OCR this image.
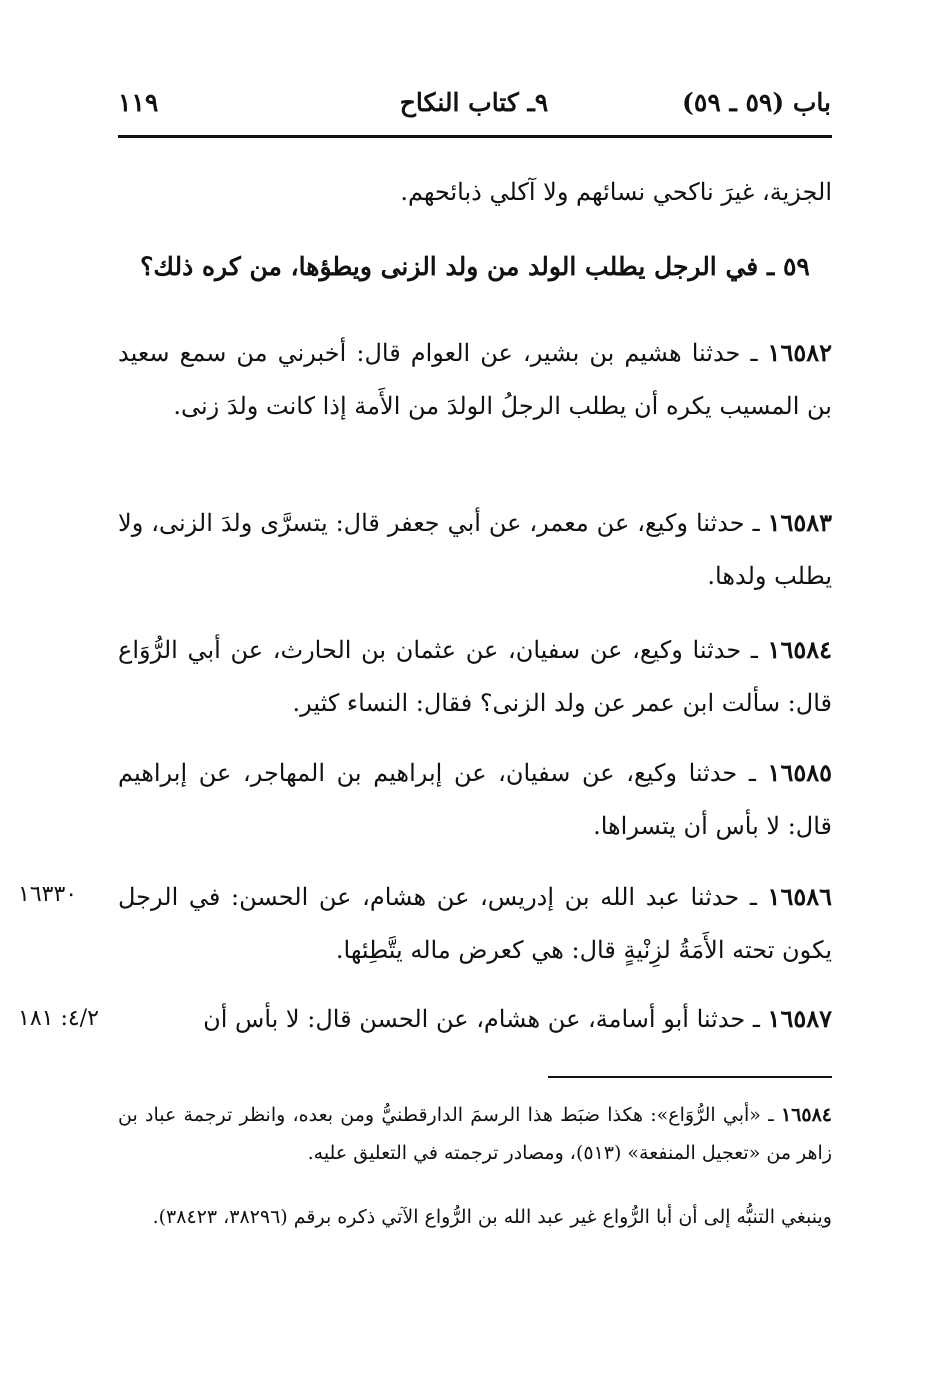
باب (٥٩ ـ ٥٩)
٩ـ كتاب النكاح
١١٩

الجزية، غيرَ ناكحي نسائهم ولا آكلي ذبائحهم.

٥٩ ـ في الرجل يطلب الولد من ولد الزنى ويطؤها، من كره ذلك؟

١٦٥٨٢ ـ حدثنا هشيم بن بشير، عن العوام قال: أخبرني من سمع سعيد بن المسيب يكره أن يطلب الرجلُ الولدَ من الأَمة إذا كانت ولدَ زنى.

١٦٥٨٣ ـ حدثنا وكيع، عن معمر، عن أبي جعفر قال: يتسرَّى ولدَ الزنى، ولا يطلب ولدها.

١٦٥٨٤ ـ حدثنا وكيع، عن سفيان، عن عثمان بن الحارث، عن أبي الرُّوَاع قال: سألت ابن عمر عن ولد الزنى؟ فقال: النساء كثير.

١٦٥٨٥ ـ حدثنا وكيع، عن سفيان، عن إبراهيم بن المهاجر، عن إبراهيم قال: لا بأس أن يتسراها.

١٦٥٨٦ ـ حدثنا عبد الله بن إدريس، عن هشام، عن الحسن: في الرجل يكون تحته الأَمَةُ لزِنْيةٍ قال: هي كعرض ماله يتَّطِئها.

١٦٣٣٠

١٦٥٨٧ ـ حدثنا أبو أسامة، عن هشام، عن الحسن قال: لا بأس أن

٤/٢: ١٨١

١٦٥٨٤ ـ «أبي الرُّوَاع»: هكذا ضبَط هذا الرسمَ الدارقطنيُّ ومن بعده، وانظر ترجمة عباد بن زاهر من «تعجيل المنفعة» (٥١٣)، ومصادر ترجمته في التعليق عليه.

وينبغي التنبُّه إلى أن أبا الرُّواع غير عبد الله بن الرُّواع الآتي ذكره برقم (٣٨٢٩٦، ٣٨٤٢٣).
